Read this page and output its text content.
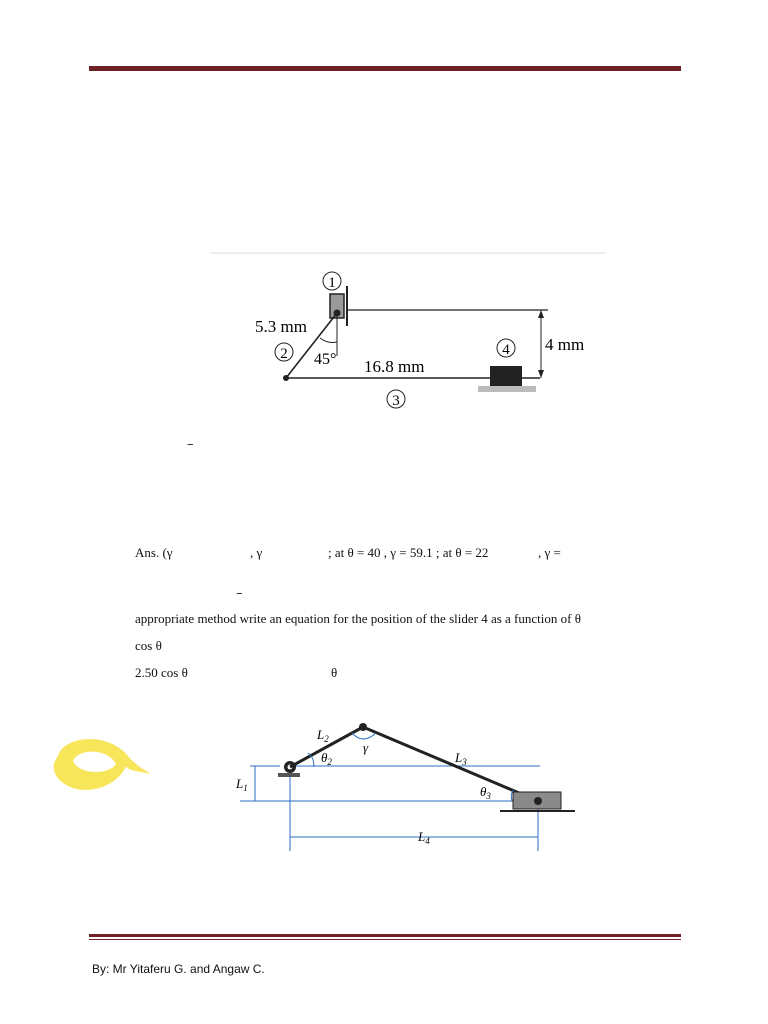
1
2
3
4
5.3 mm
45° 16.8 mm
4 mm
–
Ans. (γ	, γ	; at θ = 40 , γ = 59.1 ; at θ = 22	, γ =
–
appropriate method write an equation for the position of the slider 4 as a function of θ
cos θ
2.50 cos θ	θ
$L_2$
$\theta_2$
γ
$L_3$
$\theta_3$
$L_1$
$L_4$
By: Mr Yitaferu G. and Angaw C.
